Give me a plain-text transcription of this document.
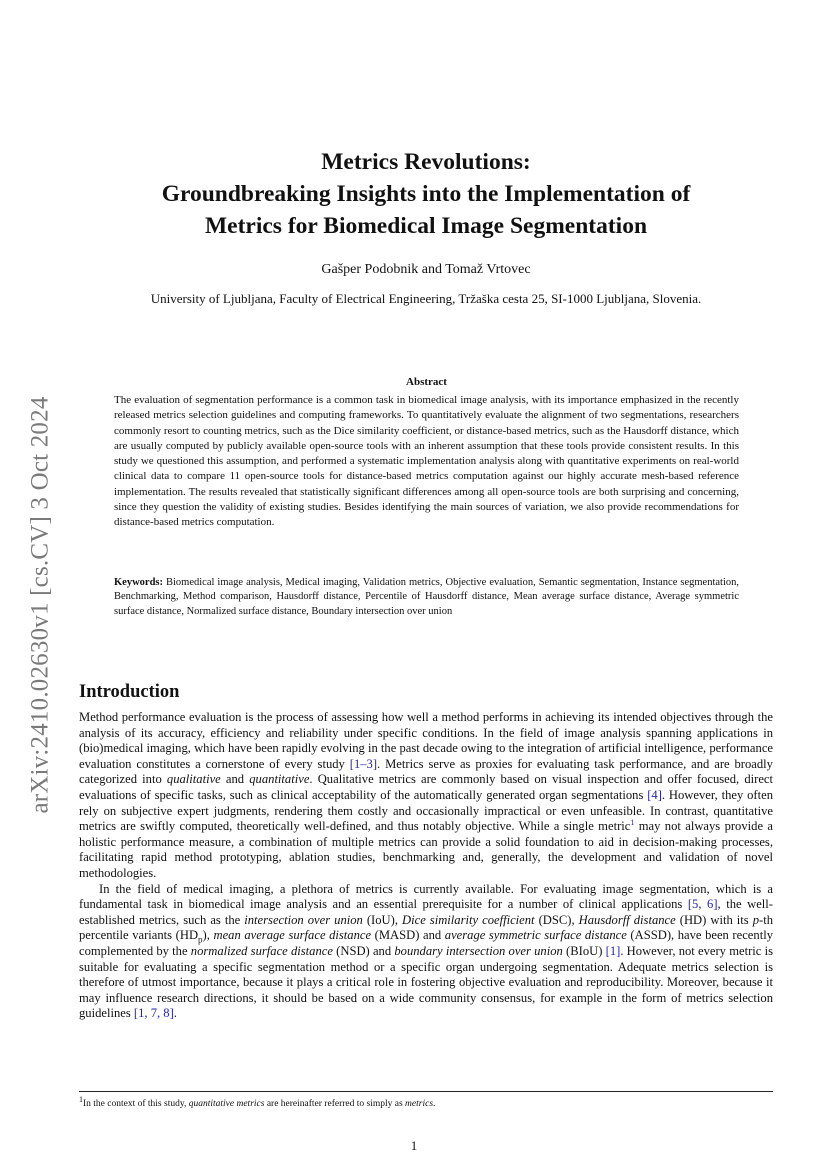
arXiv:2410.02630v1 [cs.CV] 3 Oct 2024
Metrics Revolutions:
Groundbreaking Insights into the Implementation of
Metrics for Biomedical Image Segmentation
Gašper Podobnik and Tomaž Vrtovec
University of Ljubljana, Faculty of Electrical Engineering, Tržaška cesta 25, SI-1000 Ljubljana, Slovenia.
Abstract

The evaluation of segmentation performance is a common task in biomedical image analysis, with its importance emphasized in the recently released metrics selection guidelines and computing frameworks. To quantitatively evaluate the alignment of two segmentations, researchers commonly resort to counting metrics, such as the Dice similarity coefficient, or distance-based metrics, such as the Hausdorff distance, which are usually computed by publicly available open-source tools with an inherent assumption that these tools provide consistent results. In this study we questioned this assumption, and performed a systematic implementation analysis along with quantitative experiments on real-world clinical data to compare 11 open-source tools for distance-based metrics computation against our highly accurate mesh-based reference implementation. The results revealed that statistically significant differences among all open-source tools are both surprising and concerning, since they question the validity of existing studies. Besides identifying the main sources of variation, we also provide recommendations for distance-based metrics computation.

Keywords: Biomedical image analysis, Medical imaging, Validation metrics, Objective evaluation, Semantic segmentation, Instance segmentation, Benchmarking, Method comparison, Hausdorff distance, Percentile of Hausdorff distance, Mean average surface distance, Average symmetric surface distance, Normalized surface distance, Boundary intersection over union

Introduction

Method performance evaluation is the process of assessing how well a method performs in achieving its intended objectives through the analysis of its accuracy, efficiency and reliability under specific conditions. In the field of image analysis spanning applications in (bio)medical imaging, which have been rapidly evolving in the past decade owing to the integration of artificial intelligence, performance evaluation constitutes a cornerstone of every study [1–3]. Metrics serve as proxies for evaluating task performance, and are broadly categorized into qualitative and quantitative. Qualitative metrics are commonly based on visual inspection and offer focused, direct evaluations of specific tasks, such as clinical acceptability of the automatically generated organ segmentations [4]. However, they often rely on subjective expert judgments, rendering them costly and occasionally impractical or even unfeasible. In contrast, quantitative metrics are swiftly computed, theoretically well-defined, and thus notably objective. While a single metric$^1$ may not always provide a holistic performance measure, a combination of multiple metrics can provide a solid foundation to aid in decision-making processes, facilitating rapid method prototyping, ablation studies, benchmarking and, generally, the development and validation of novel methodologies.

In the field of medical imaging, a plethora of metrics is currently available. For evaluating image segmentation, which is a fundamental task in biomedical image analysis and an essential prerequisite for a number of clinical applications [5, 6], the well-established metrics, such as the intersection over union (IoU), Dice similarity coefficient (DSC), Hausdorff distance (HD) with its p-th percentile variants $(HD_p)$, mean average surface distance (MASD) and average symmetric surface distance (ASSD), have been recently complemented by the normalized surface distance (NSD) and boundary intersection over union (BIoU) [1]. However, not every metric is suitable for evaluating a specific segmentation method or a specific organ undergoing segmentation. Adequate metrics selection is therefore of utmost importance, because it plays a critical role in fostering objective evaluation and reproducibility. Moreover, because it may influence research directions, it should be based on a wide community consensus, for example in the form of metrics selection guidelines [1, 7, 8].

$^1$In the context of this study, quantitative metrics are hereinafter referred to simply as metrics.
1
